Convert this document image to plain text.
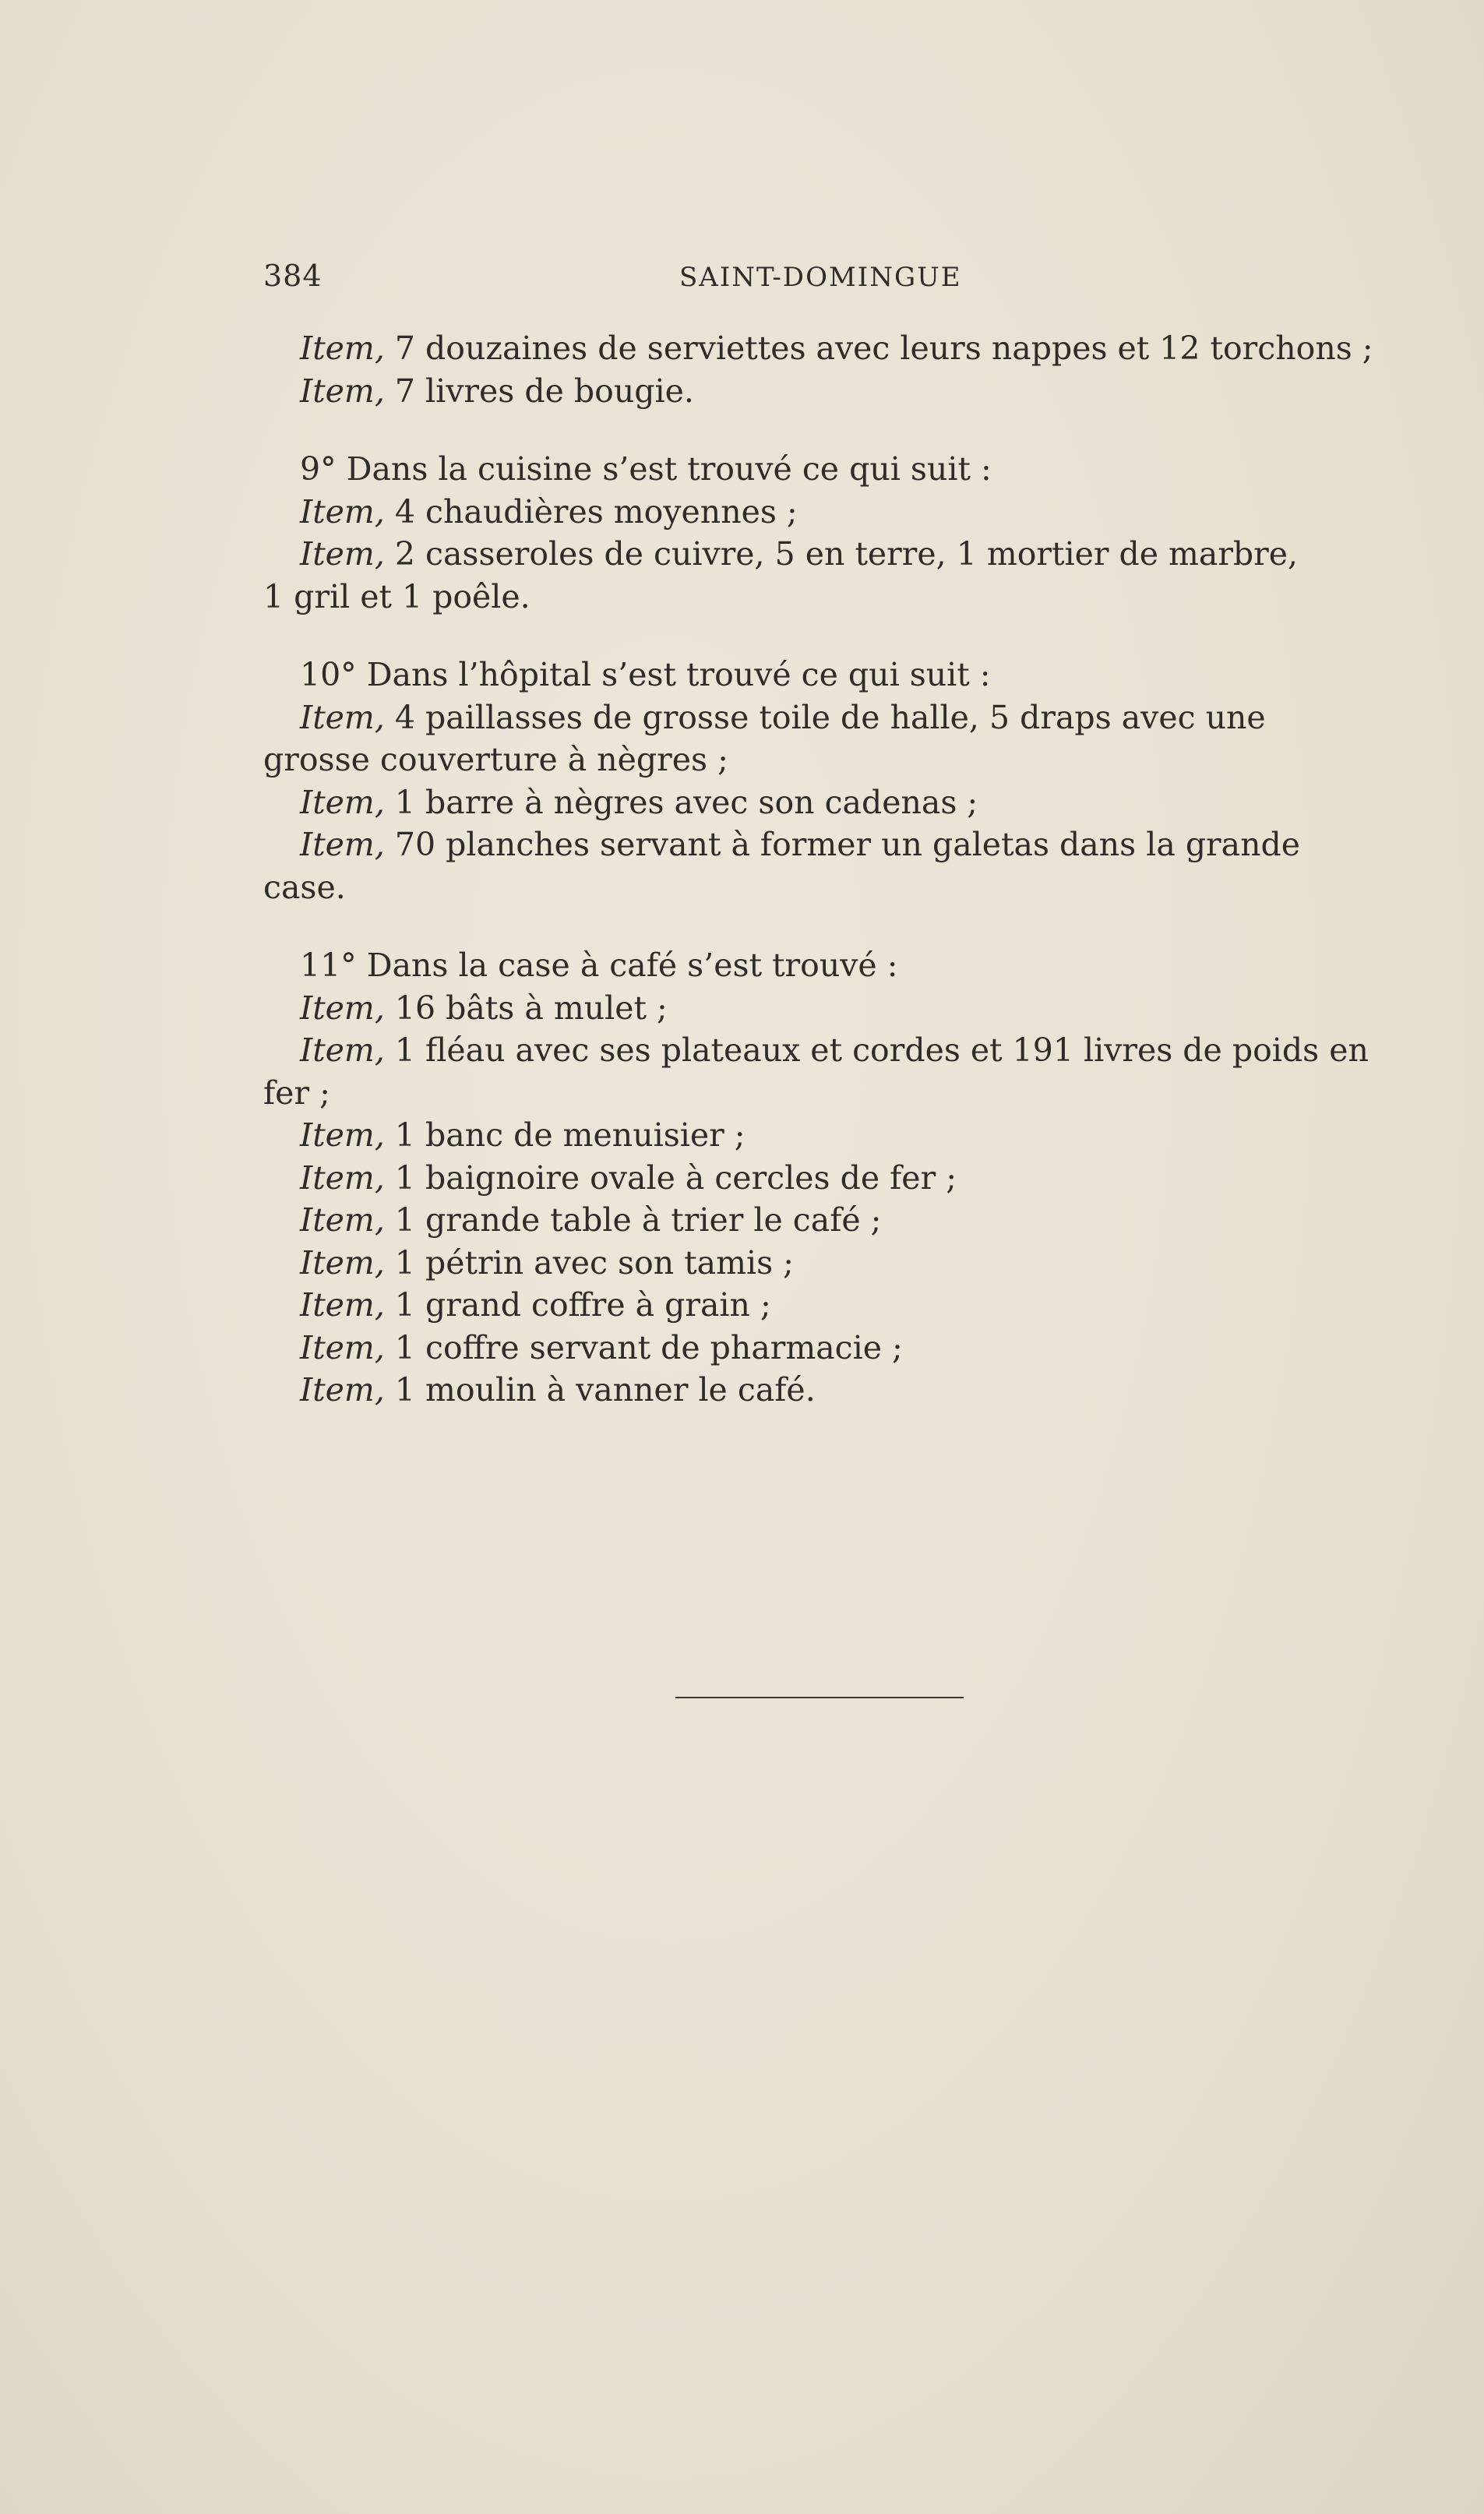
384	SAINT-DOMINGUE

Item, 7 douzaines de serviettes avec leurs nappes et 12 torchons ;

Item, 7 livres de bougie.

9° Dans la cuisine s’est trouvé ce qui suit :

Item, 4 chaudières moyennes ;

Item, 2 casseroles de cuivre, 5 en terre, 1 mortier de marbre,

1 gril et 1 poêle.

10° Dans l’hôpital s’est trouvé ce qui suit :

Item, 4 paillasses de grosse toile de halle, 5 draps avec une

grosse couverture à nègres ;

Item, 1 barre à nègres avec son cadenas ;

Item, 70 planches servant à former un galetas dans la grande

case.

11° Dans la case à café s’est trouvé :

Item, 16 bâts à mulet ;

Item, 1 fléau avec ses plateaux et cordes et 191 livres de poids en

fer ;

Item, 1 banc de menuisier ;

Item, 1 baignoire ovale à cercles de fer ;

Item, 1 grande table à trier le café ;

Item, 1 pétrin avec son tamis ;

Item, 1 grand coffre à grain ;

Item, 1 coffre servant de pharmacie ;

Item, 1 moulin à vanner le café.
